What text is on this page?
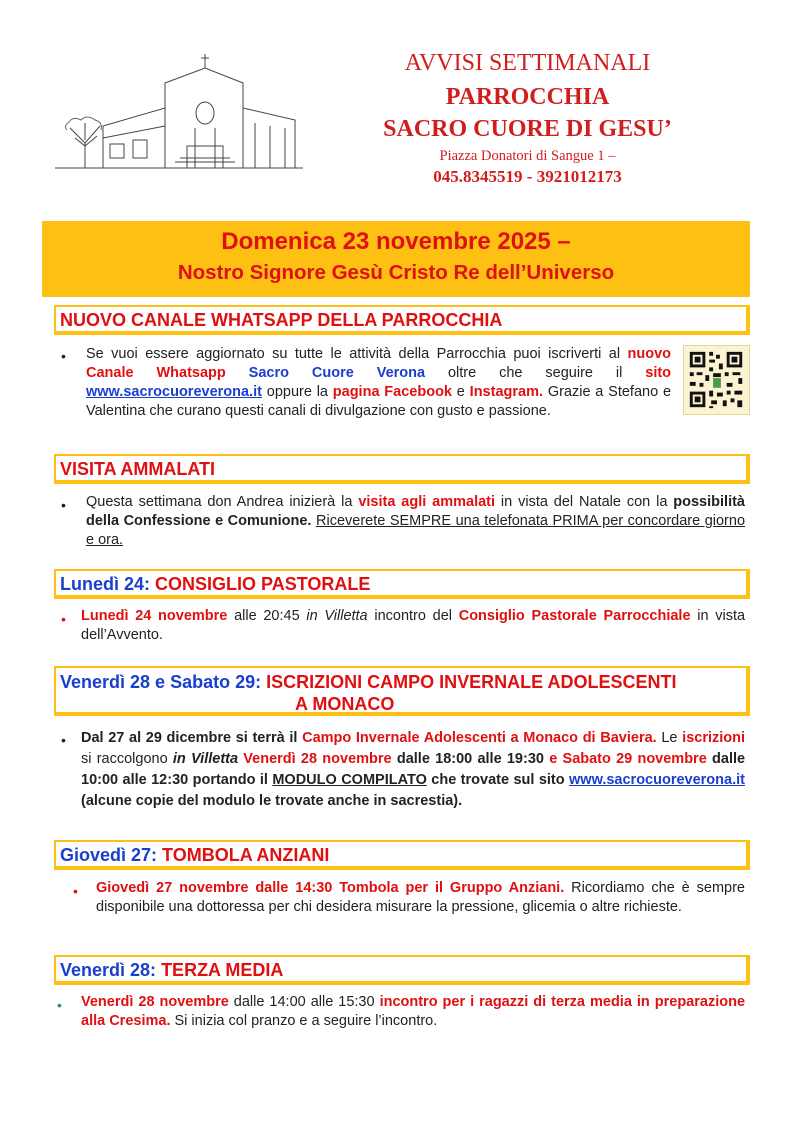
AVVISI SETTIMANALI
PARROCCHIA
SACRO CUORE DI GESU’
Piazza Donatori di Sangue 1 –
045.8345519 - 3921012173
Domenica 23 novembre 2025 –
Nostro Signore Gesù Cristo Re dell’Universo
NUOVO CANALE WHATSAPP DELLA PARROCCHIA
• Se vuoi essere aggiornato su tutte le attività della Parrocchia puoi iscriverti al nuovo Canale Whatsapp Sacro Cuore Verona oltre che seguire il sito www.sacrocuoreverona.it oppure la pagina Facebook e Instagram. Grazie a Stefano e Valentina che curano questi canali di divulgazione con gusto e passione.
VISITA AMMALATI
• Questa settimana don Andrea inizierà la visita agli ammalati in vista del Natale con la possibilità della Confessione e Comunione. Riceverete SEMPRE una telefonata PRIMA per concordare giorno e ora.
Lunedì 24: CONSIGLIO PASTORALE
• Lunedì 24 novembre alle 20:45 in Villetta incontro del Consiglio Pastorale Parrocchiale in vista dell’Avvento.
Venerdì 28 e Sabato 29: ISCRIZIONI CAMPO INVERNALE ADOLESCENTI
A MONACO
• Dal 27 al 29 dicembre si terrà il Campo Invernale Adolescenti a Monaco di Baviera. Le iscrizioni si raccolgono in Villetta Venerdì 28 novembre dalle 18:00 alle 19:30 e Sabato 29 novembre dalle 10:00 alle 12:30 portando il MODULO COMPILATO che trovate sul sito www.sacrocuoreverona.it (alcune copie del modulo le trovate anche in sacrestia).
Giovedì 27: TOMBOLA ANZIANI
• Giovedì 27 novembre dalle 14:30 Tombola per il Gruppo Anziani. Ricordiamo che è sempre disponibile una dottoressa per chi desidera misurare la pressione, glicemia o altre richieste.
Venerdì 28: TERZA MEDIA
• Venerdì 28 novembre dalle 14:00 alle 15:30 incontro per i ragazzi di terza media in preparazione alla Cresima. Si inizia col pranzo e a seguire l’incontro.
